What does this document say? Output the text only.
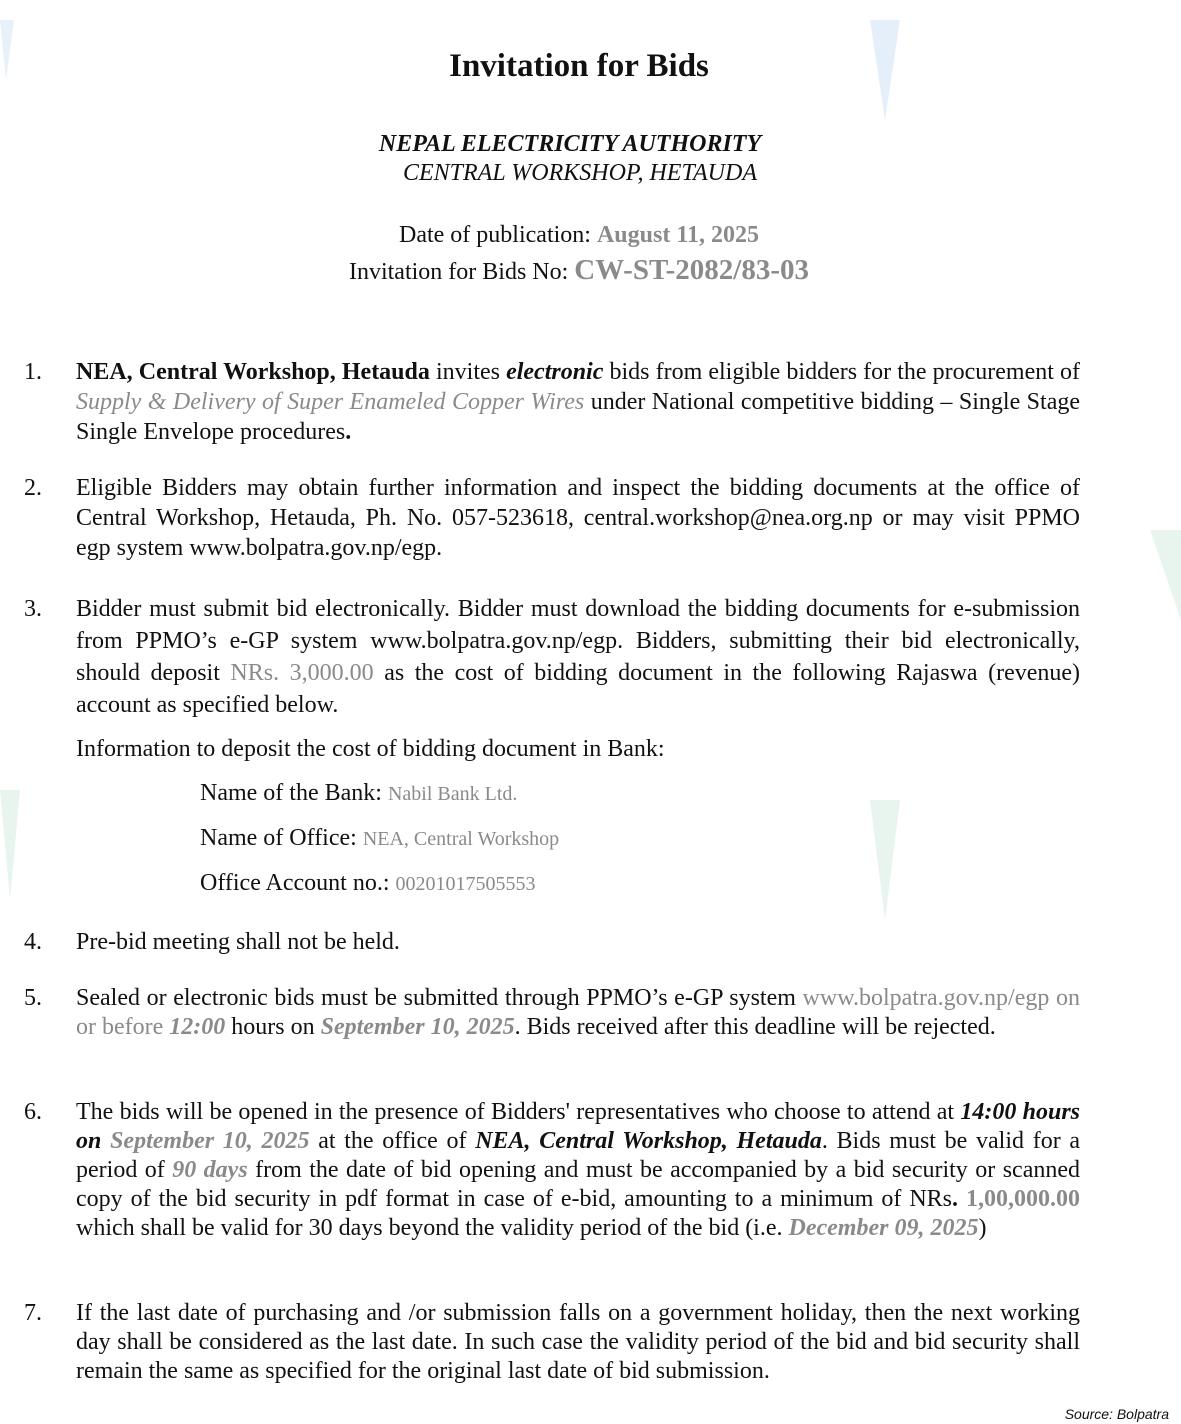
Invitation for Bids
NEPAL ELECTRICITY AUTHORITY
CENTRAL WORKSHOP, HETAUDA
Date of publication: August 11, 2025
Invitation for Bids No: CW-ST-2082/83-03
1.	NEA, Central Workshop, Hetauda invites electronic bids from eligible bidders for the procurement of Supply & Delivery of Super Enameled Copper Wires under National competitive bidding – Single Stage Single Envelope procedures.
2.	Eligible Bidders may obtain further information and inspect the bidding documents at the office of Central Workshop, Hetauda, Ph. No. 057-523618, central.workshop@nea.org.np or may visit PPMO egp system www.bolpatra.gov.np/egp.
3.	Bidder must submit bid electronically. Bidder must download the bidding documents for e-submission from PPMO’s e-GP system www.bolpatra.gov.np/egp. Bidders, submitting their bid electronically, should deposit NRs. 3,000.00 as the cost of bidding document in the following Rajaswa (revenue) account as specified below.
Information to deposit the cost of bidding document in Bank:
Name of the Bank: Nabil Bank Ltd.
Name of Office: NEA, Central Workshop
Office Account no.: 00201017505553
4.	Pre-bid meeting shall not be held.
5.	Sealed or electronic bids must be submitted through PPMO’s e-GP system www.bolpatra.gov.np/egp on or before 12:00 hours on September 10, 2025. Bids received after this deadline will be rejected.
6.	The bids will be opened in the presence of Bidders' representatives who choose to attend at 14:00 hours on September 10, 2025 at the office of NEA, Central Workshop, Hetauda. Bids must be valid for a period of 90 days from the date of bid opening and must be accompanied by a bid security or scanned copy of the bid security in pdf format in case of e-bid, amounting to a minimum of NRs. 1,00,000.00 which shall be valid for 30 days beyond the validity period of the bid (i.e. December 09, 2025)
7.	If the last date of purchasing and /or submission falls on a government holiday, then the next working day shall be considered as the last date. In such case the validity period of the bid and bid security shall remain the same as specified for the original last date of bid submission.
Source: Bolpatra
